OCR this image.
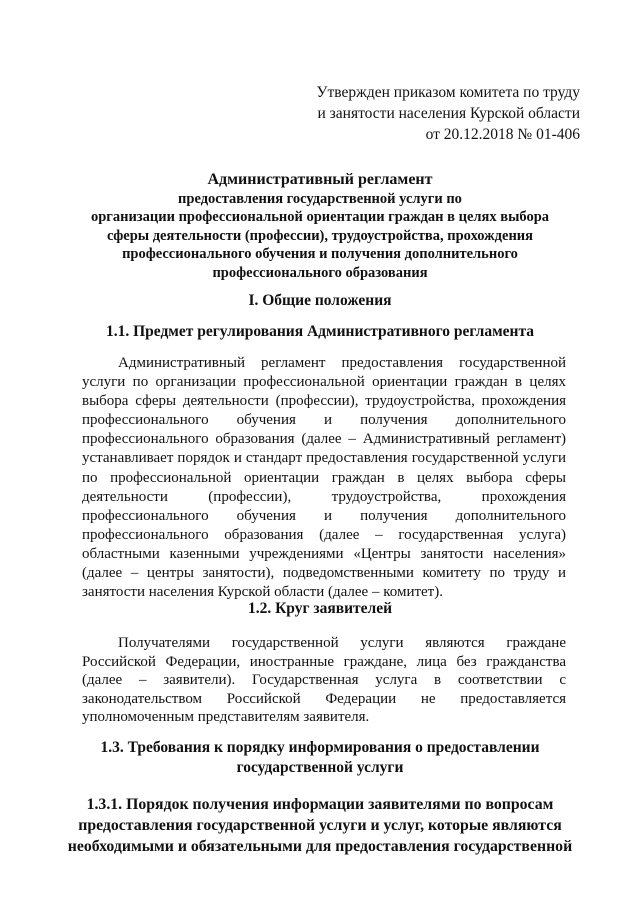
Утвержден приказом комитета по труду
и занятости населения Курской области
от 20.12.2018 № 01-406
Административный регламент
предоставления государственной услуги по
организации профессиональной ориентации граждан в целях выбора
сферы деятельности (профессии), трудоустройства, прохождения
профессионального обучения и получения дополнительного
профессионального образования
I. Общие положения
1.1. Предмет регулирования Административного регламента
Административный регламент предоставления государственной
услуги по организации профессиональной ориентации граждан в целях
выбора сферы деятельности (профессии), трудоустройства, прохождения
профессионального обучения и получения дополнительного
профессионального образования (далее – Административный регламент)
устанавливает порядок и стандарт предоставления государственной услуги
по профессиональной ориентации граждан в целях выбора сферы
деятельности (профессии), трудоустройства, прохождения
профессионального обучения и получения дополнительного
профессионального образования (далее – государственная услуга)
областными казенными учреждениями «Центры занятости населения»
(далее – центры занятости), подведомственными комитету по труду и
занятости населения Курской области (далее – комитет).
1.2. Круг заявителей
Получателями государственной услуги являются граждане
Российской Федерации, иностранные граждане, лица без гражданства
(далее – заявители). Государственная услуга в соответствии с
законодательством Российской Федерации не предоставляется
уполномоченным представителям заявителя.
1.3. Требования к порядку информирования о предоставлении
государственной услуги
1.3.1. Порядок получения информации заявителями по вопросам
предоставления государственной услуги и услуг, которые являются
необходимыми и обязательными для предоставления государственной
